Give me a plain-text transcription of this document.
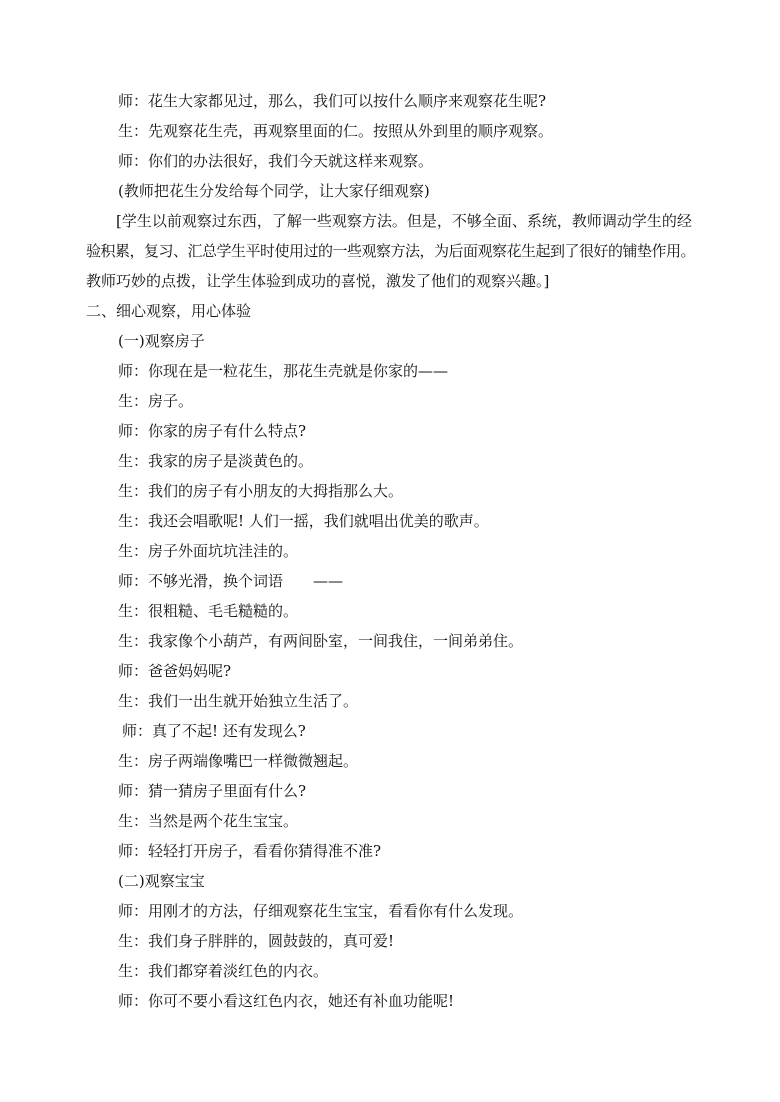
师：花生大家都见过，那么，我们可以按什么顺序来观察花生呢?
生：先观察花生壳，再观察里面的仁。按照从外到里的顺序观察。
师：你们的办法很好，我们今天就这样来观察。
(教师把花生分发给每个同学，让大家仔细观察)
[学生以前观察过东西，了解一些观察方法。但是，不够全面、系统，教师调动学生的经
验积累，复习、汇总学生平时使用过的一些观察方法，为后面观察花生起到了很好的铺垫作用。
教师巧妙的点拨，让学生体验到成功的喜悦，激发了他们的观察兴趣。]
二、细心观察，用心体验
(一)观察房子
师：你现在是一粒花生，那花生壳就是你家的——
生：房子。
师：你家的房子有什么特点?
生：我家的房子是淡黄色的。
生：我们的房子有小朋友的大拇指那么大。
生：我还会唱歌呢! 人们一摇，我们就唱出优美的歌声。
生：房子外面坑坑洼洼的。
师：不够光滑，换个词语　　——
生：很粗糙、毛毛糙糙的。
生：我家像个小葫芦，有两间卧室，一间我住，一间弟弟住。
师：爸爸妈妈呢?
生：我们一出生就开始独立生活了。
师：真了不起! 还有发现么?
生：房子两端像嘴巴一样微微翘起。
师：猜一猜房子里面有什么?
生：当然是两个花生宝宝。
师：轻轻打开房子，看看你猜得准不准?
(二)观察宝宝
师：用刚才的方法，仔细观察花生宝宝，看看你有什么发现。
生：我们身子胖胖的，圆鼓鼓的，真可爱!
生：我们都穿着淡红色的内衣。
师：你可不要小看这红色内衣，她还有补血功能呢!
